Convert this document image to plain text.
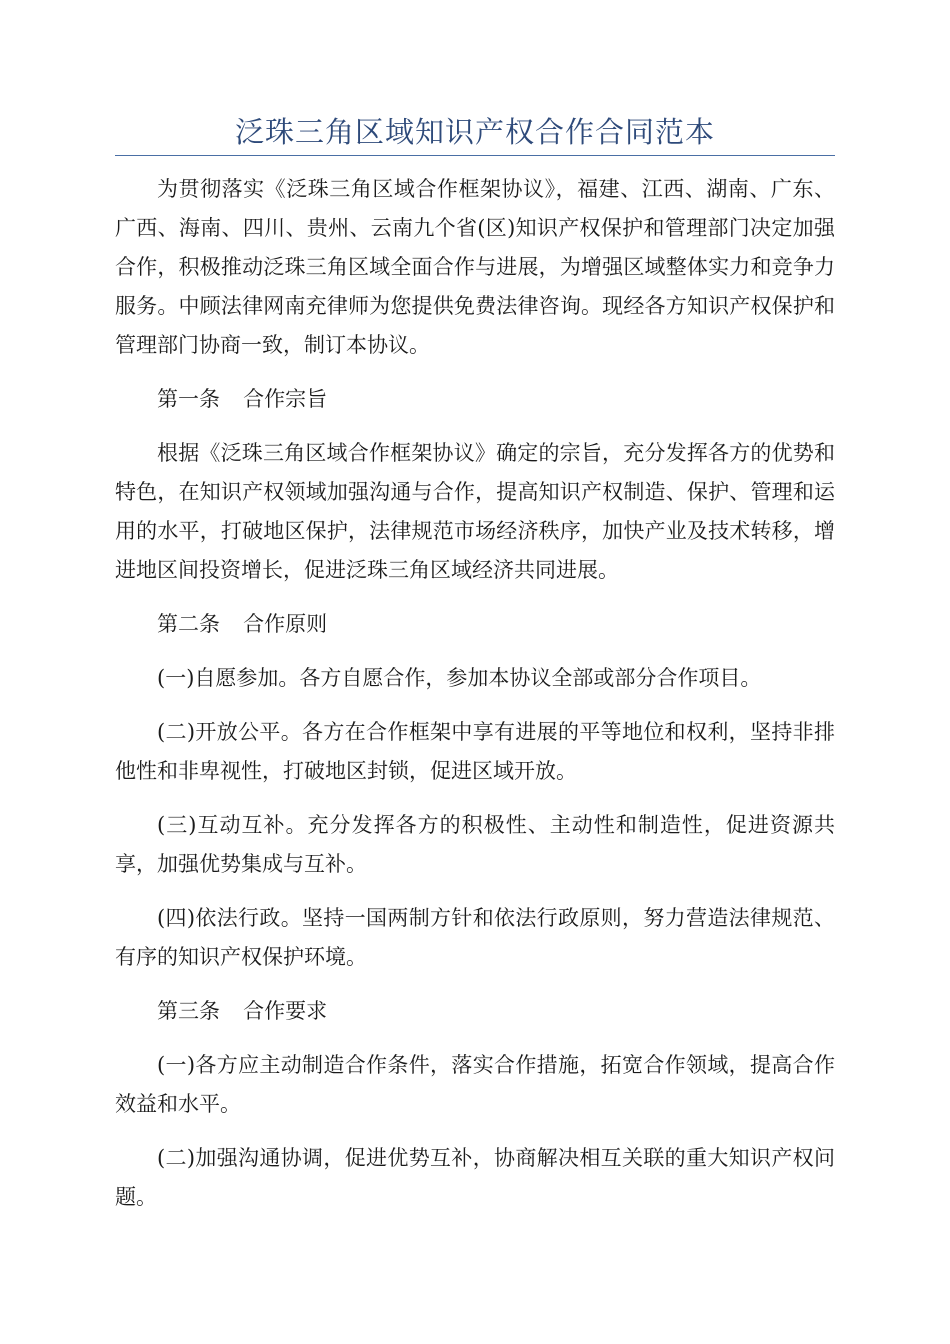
泛珠三角区域知识产权合作合同范本

为贯彻落实《泛珠三角区域合作框架协议》，福建、江西、湖南、广东、广西、海南、四川、贵州、云南九个省(区)知识产权保护和管理部门决定加强合作，积极推动泛珠三角区域全面合作与进展，为增强区域整体实力和竞争力服务。中顾法律网南充律师为您提供免费法律咨询。现经各方知识产权保护和管理部门协商一致，制订本协议。

第一条 合作宗旨

根据《泛珠三角区域合作框架协议》确定的宗旨，充分发挥各方的优势和特色，在知识产权领域加强沟通与合作，提高知识产权制造、保护、管理和运用的水平，打破地区保护，法律规范市场经济秩序，加快产业及技术转移，增进地区间投资增长，促进泛珠三角区域经济共同进展。

第二条 合作原则

(一)自愿参加。各方自愿合作，参加本协议全部或部分合作项目。

(二)开放公平。各方在合作框架中享有进展的平等地位和权利，坚持非排他性和非卑视性，打破地区封锁，促进区域开放。

(三)互动互补。充分发挥各方的积极性、主动性和制造性，促进资源共享，加强优势集成与互补。

(四)依法行政。坚持一国两制方针和依法行政原则，努力营造法律规范、有序的知识产权保护环境。

第三条 合作要求

(一)各方应主动制造合作条件，落实合作措施，拓宽合作领域，提高合作效益和水平。

(二)加强沟通协调，促进优势互补，协商解决相互关联的重大知识产权问题。
